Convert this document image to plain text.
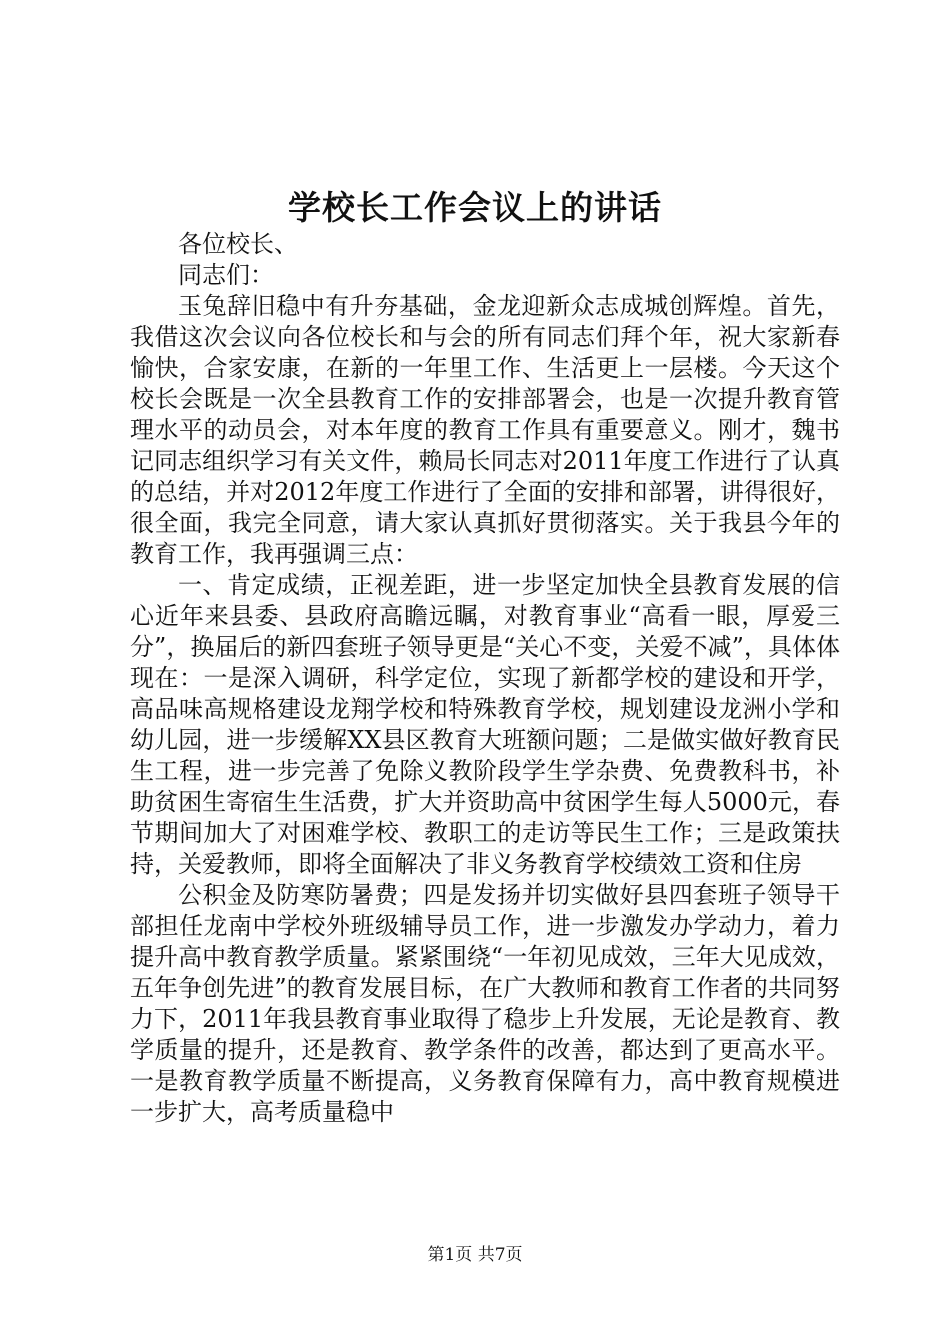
学校长工作会议上的讲话

各位校长、

同志们：

玉兔辞旧稳中有升夯基础，金龙迎新众志成城创辉煌。首先，我借这次会议向各位校长和与会的所有同志们拜个年，祝大家新春愉快，合家安康，在新的一年里工作、生活更上一层楼。今天这个校长会既是一次全县教育工作的安排部署会，也是一次提升教育管理水平的动员会，对本年度的教育工作具有重要意义。刚才，魏书记同志组织学习有关文件，赖局长同志对2011年度工作进行了认真的总结，并对2012年度工作进行了全面的安排和部署，讲得很好，很全面，我完全同意，请大家认真抓好贯彻落实。关于我县今年的教育工作，我再强调三点：

一、肯定成绩，正视差距，进一步坚定加快全县教育发展的信心近年来县委、县政府高瞻远瞩，对教育事业“高看一眼，厚爱三分”，换届后的新四套班子领导更是“关心不变，关爱不减”，具体体现在：一是深入调研，科学定位，实现了新都学校的建设和开学，高品味高规格建设龙翔学校和特殊教育学校，规划建设龙洲小学和幼儿园，进一步缓解XX县区教育大班额问题；二是做实做好教育民生工程，进一步完善了免除义教阶段学生学杂费、免费教科书，补助贫困生寄宿生生活费，扩大并资助高中贫困学生每人5000元，春节期间加大了对困难学校、教职工的走访等民生工作；三是政策扶持，关爱教师，即将全面解决了非义务教育学校绩效工资和住房

公积金及防寒防暑费；四是发扬并切实做好县四套班子领导干部担任龙南中学校外班级辅导员工作，进一步激发办学动力，着力提升高中教育教学质量。紧紧围绕“一年初见成效，三年大见成效，五年争创先进”的教育发展目标，在广大教师和教育工作者的共同努力下，2011年我县教育事业取得了稳步上升发展，无论是教育、教学质量的提升，还是教育、教学条件的改善，都达到了更高水平。一是教育教学质量不断提高，义务教育保障有力，高中教育规模进一步扩大，高考质量稳中

第1页 共7页
